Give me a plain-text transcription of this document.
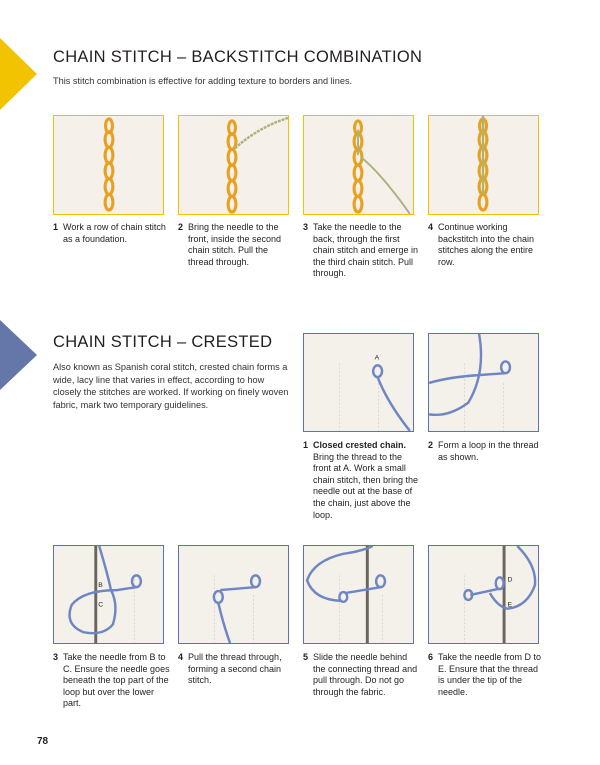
CHAIN STITCH – BACKSTITCH COMBINATION

This stitch combination is effective for adding texture to borders and lines.

1 Work a row of chain stitch as a foundation.
2 Bring the needle to the front, inside the second chain stitch. Pull the thread through.
3 Take the needle to the back, through the first chain stitch and emerge in the third chain stitch. Pull through.
4 Continue working backstitch into the chain stitches along the entire row.
CHAIN STITCH – CRESTED

Also known as Spanish coral stitch, crested chain forms a wide, lacy line that varies in effect, according to how closely the stitches are worked. If working on finely woven fabric, mark two temporary guidelines.

A
1 Closed crested chain. Bring the thread to the front at A. Work a small chain stitch, then bring the needle out at the base of the chain, just above the loop.
2 Form a loop in the thread as shown.
B
C
D
E
3 Take the needle from B to C. Ensure the needle goes beneath the top part of the loop but over the lower part.
4 Pull the thread through, forming a second chain stitch.
5 Slide the needle behind the connecting thread and pull through. Do not go through the fabric.
6 Take the needle from D to E. Ensure that the thread is under the tip of the needle.
78
